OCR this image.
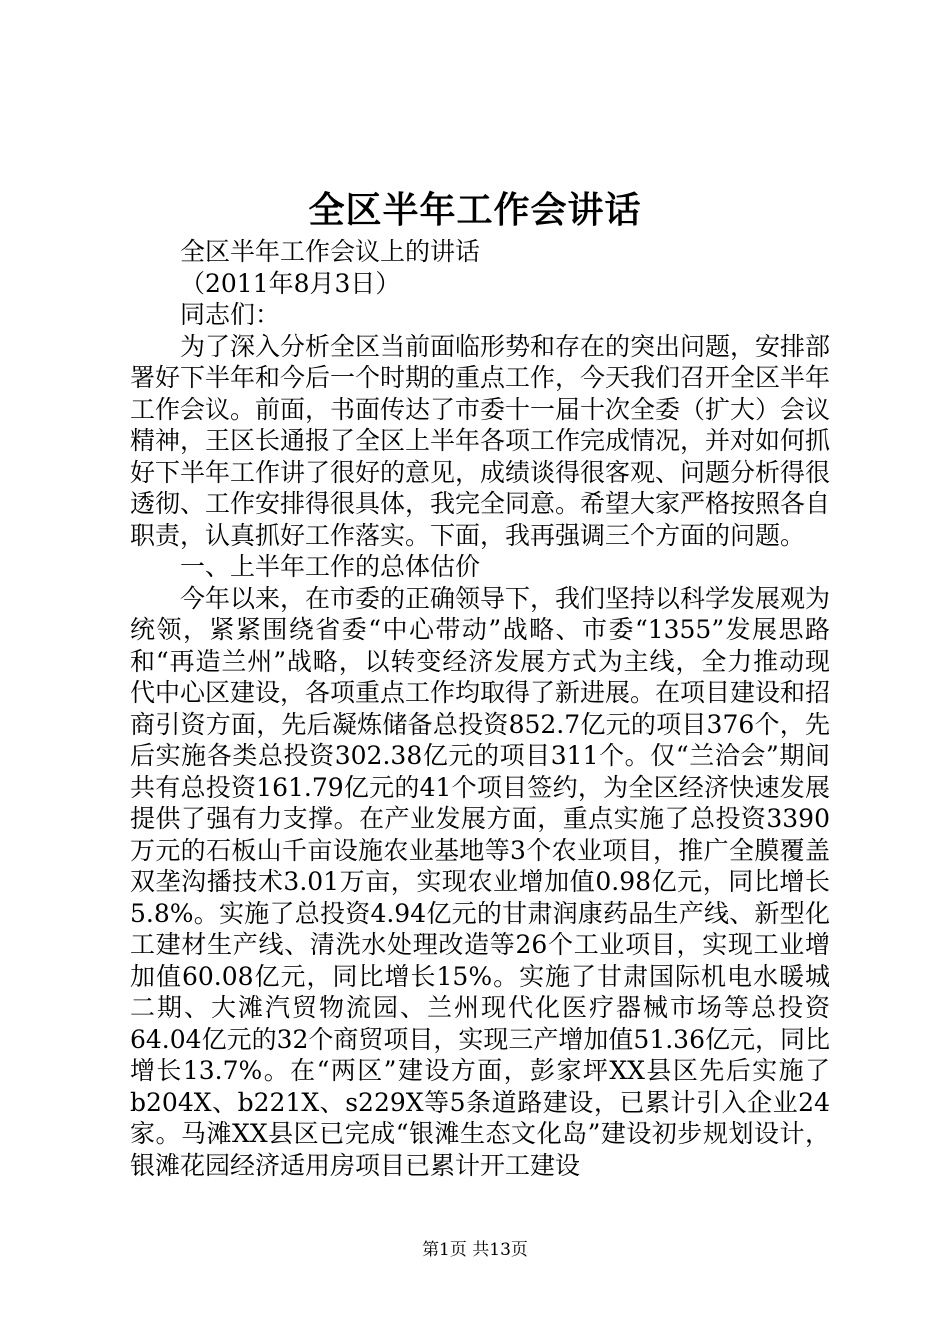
全区半年工作会讲话

全区半年工作会议上的讲话

（2011年8月3日）

同志们：

为了深入分析全区当前面临形势和存在的突出问题，安排部署好下半年和今后一个时期的重点工作，今天我们召开全区半年工作会议。前面，书面传达了市委十一届十次全委（扩大）会议精神，王区长通报了全区上半年各项工作完成情况，并对如何抓好下半年工作讲了很好的意见，成绩谈得很客观、问题分析得很透彻、工作安排得很具体，我完全同意。希望大家严格按照各自职责，认真抓好工作落实。下面，我再强调三个方面的问题。

一、上半年工作的总体估价

今年以来，在市委的正确领导下，我们坚持以科学发展观为统领，紧紧围绕省委“中心带动”战略、市委“1355”发展思路和“再造兰州”战略，以转变经济发展方式为主线，全力推动现代中心区建设，各项重点工作均取得了新进展。在项目建设和招商引资方面，先后凝炼储备总投资852.7亿元的项目376个，先后实施各类总投资302.38亿元的项目311个。仅“兰洽会”期间共有总投资161.79亿元的41个项目签约，为全区经济快速发展提供了强有力支撑。在产业发展方面，重点实施了总投资3390万元的石板山千亩设施农业基地等3个农业项目，推广全膜覆盖双垄沟播技术3.01万亩，实现农业增加值0.98亿元，同比增长5.8%。实施了总投资4.94亿元的甘肃润康药品生产线、新型化工建材生产线、清洗水处理改造等26个工业项目，实现工业增加值60.08亿元，同比增长15%。实施了甘肃国际机电水暖城二期、大滩汽贸物流园、兰州现代化医疗器械市场等总投资64.04亿元的32个商贸项目，实现三产增加值51.36亿元，同比增长13.7%。在“两区”建设方面，彭家坪XX县区先后实施了b204X、b221X、s229X等5条道路建设，已累计引入企业24家。马滩XX县区已完成“银滩生态文化岛”建设初步规划设计，银滩花园经济适用房项目已累计开工建设

第1页 共13页
